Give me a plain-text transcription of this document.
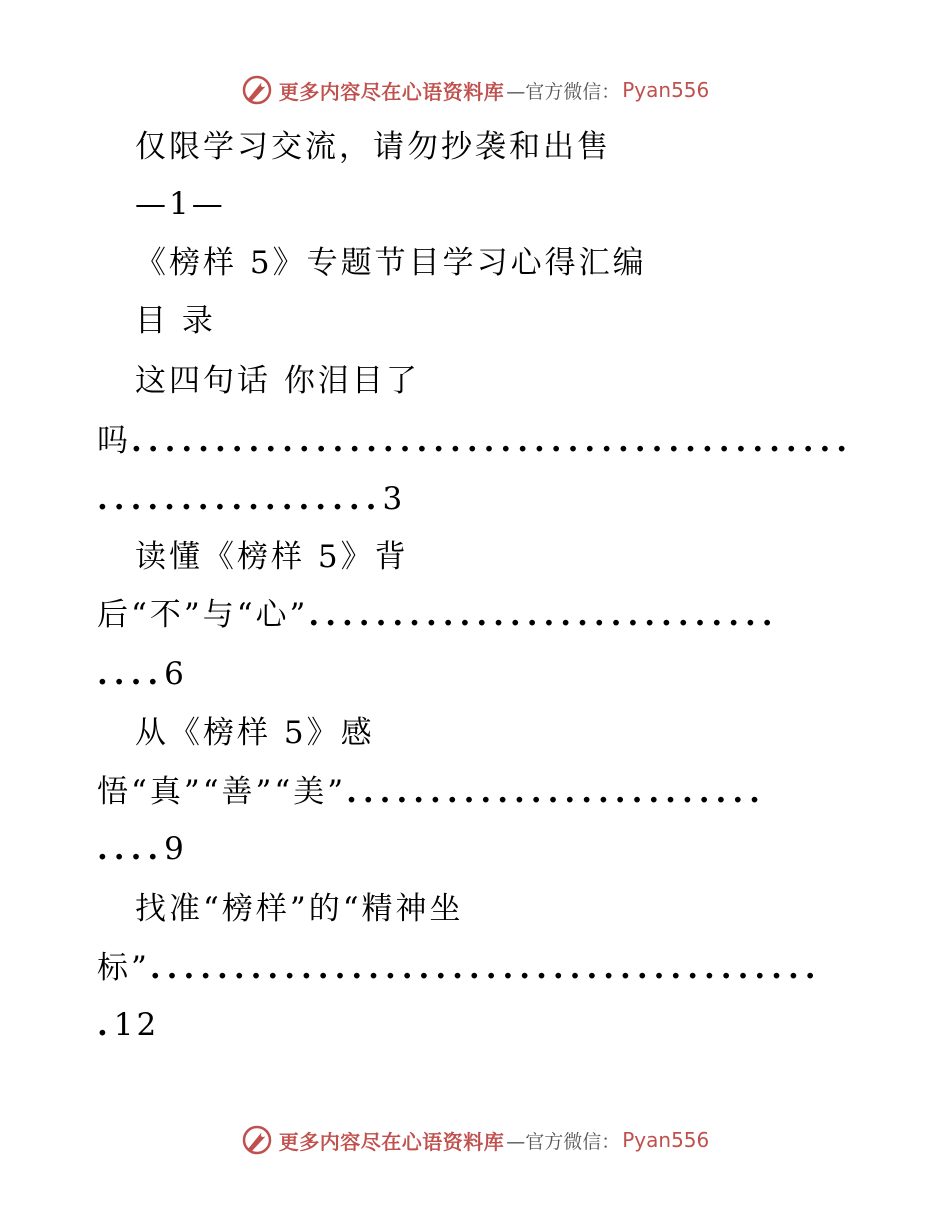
更多内容尽在心语资料库 —官方微信： Pyan556
仅限学习交流，请勿抄袭和出售
—1—
《榜样 5》专题节目学习心得汇编
目 录
这四句话 你泪目了
吗...........................................
.................3
读懂《榜样 5》背
后“不”与“心”............................
....6
从《榜样 5》感
悟“真”“善”“美”.........................
....9
找准“榜样”的“精神坐
标”........................................
.12
更多内容尽在心语资料库 —官方微信： Pyan556
